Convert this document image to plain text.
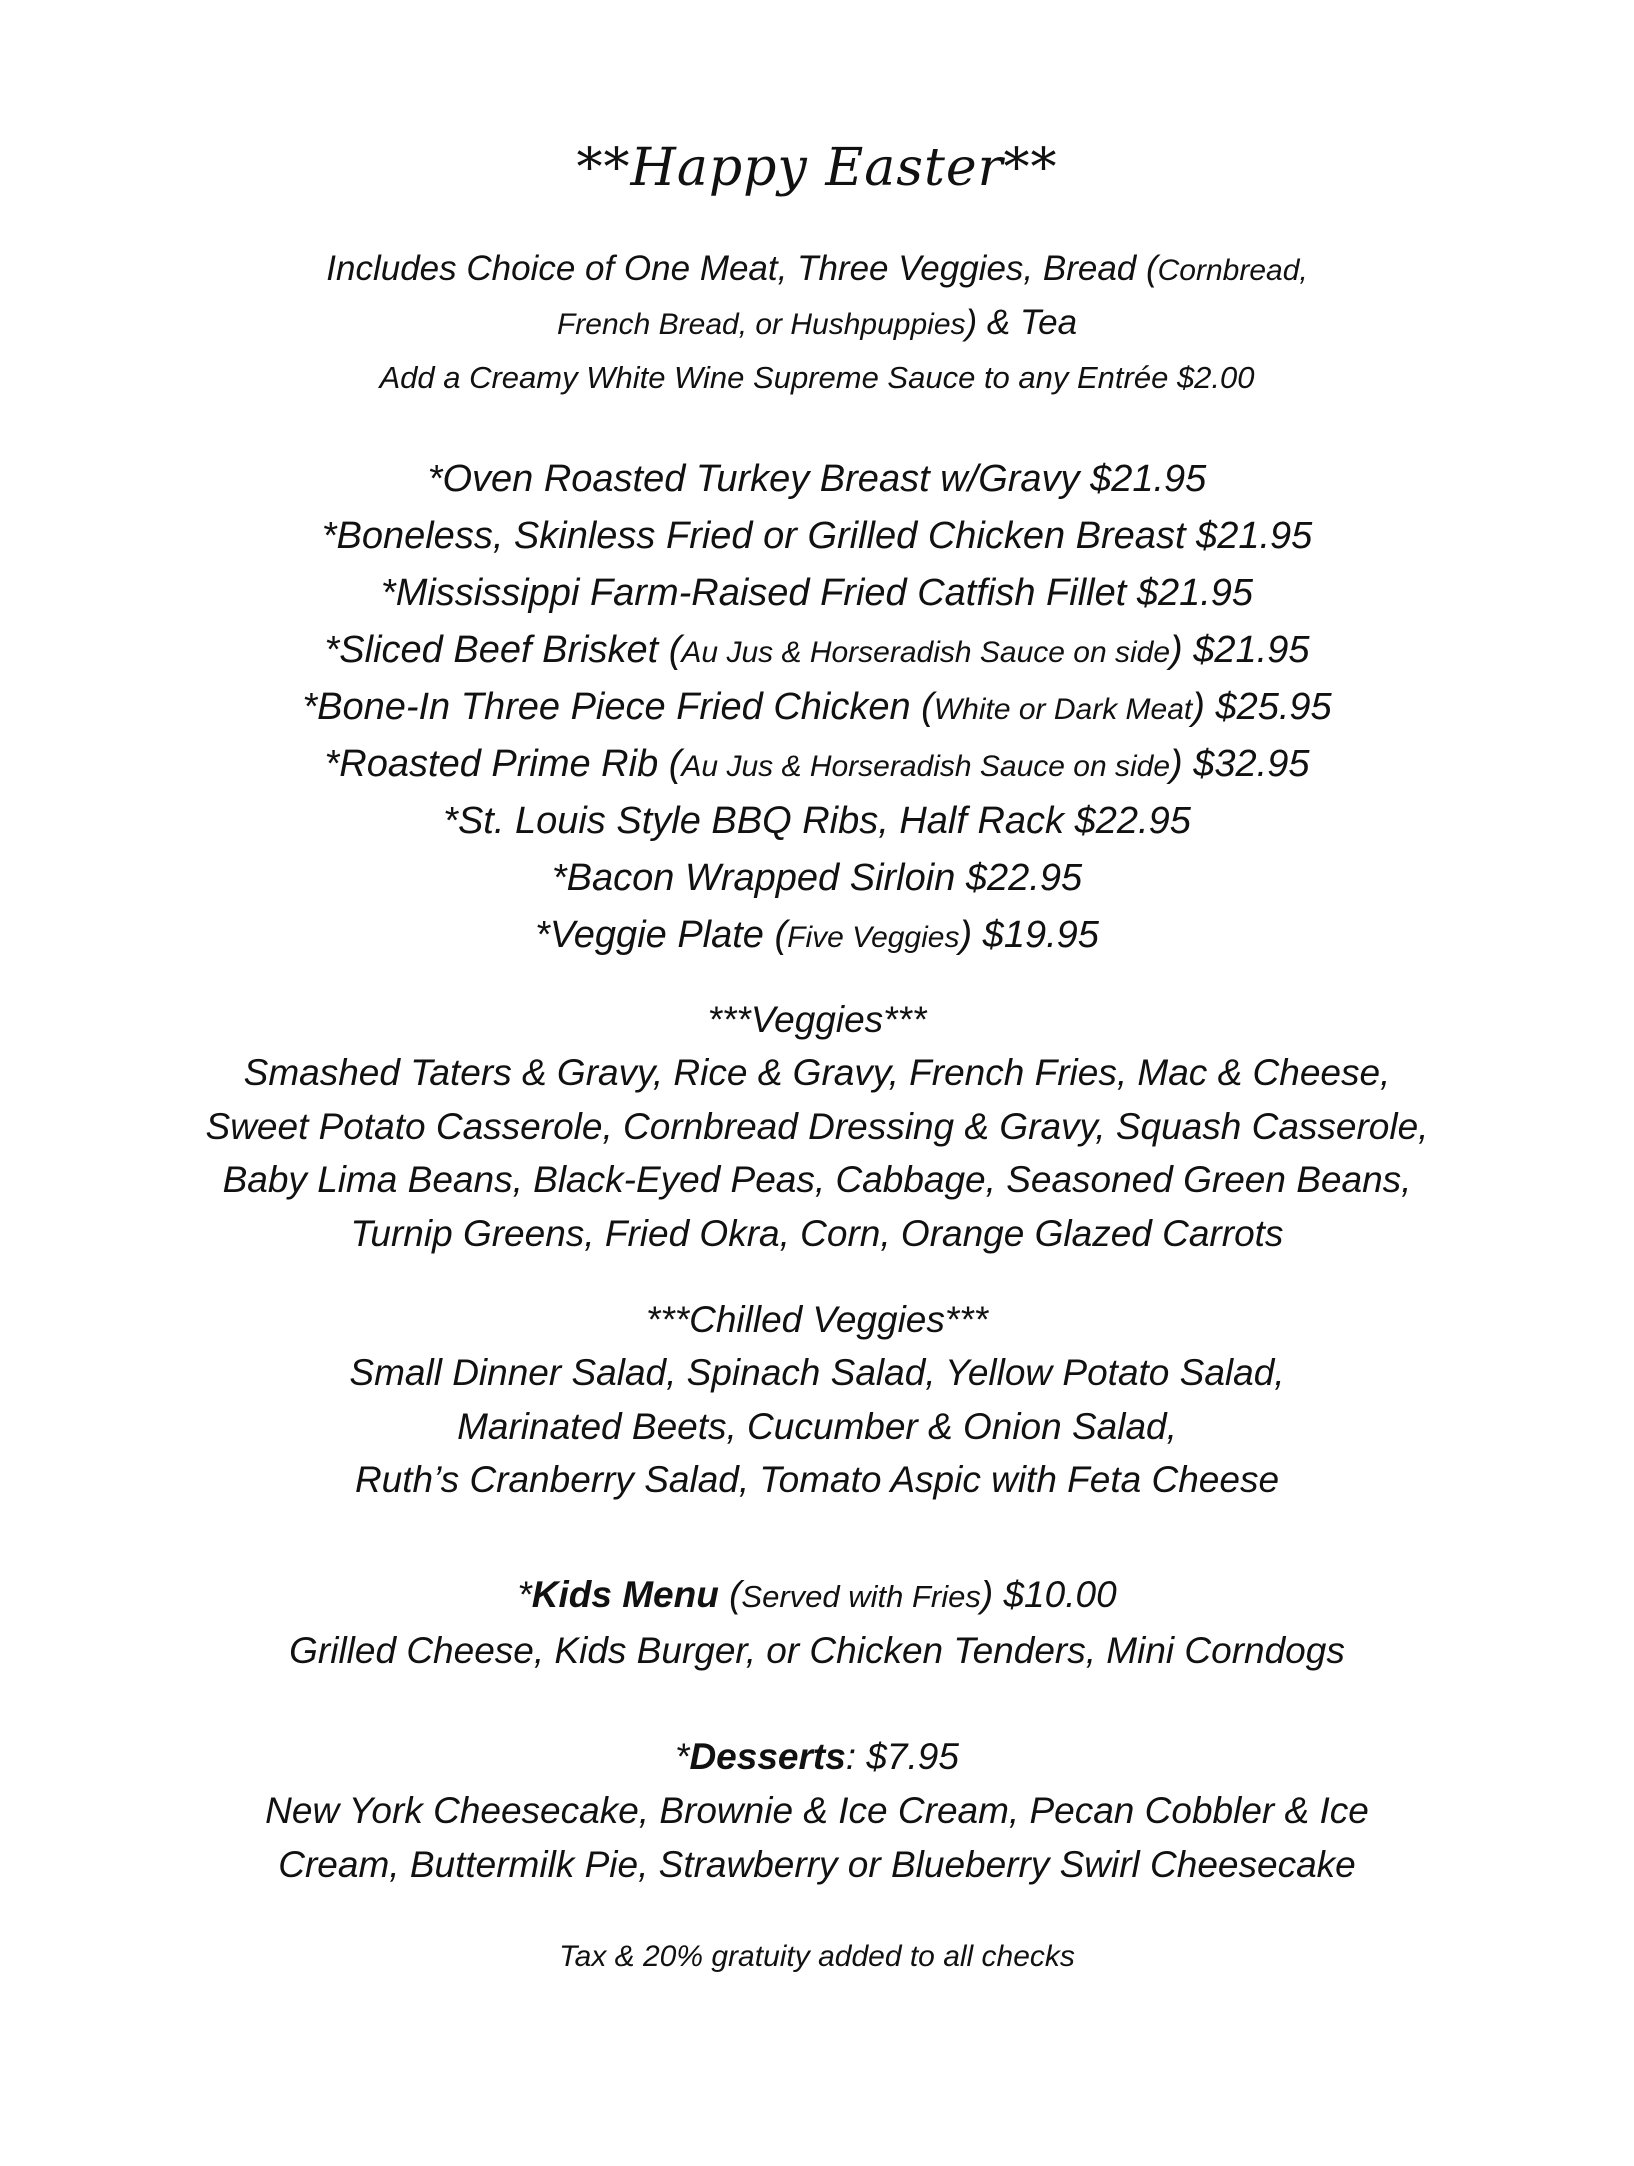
**Happy Easter**
Includes Choice of One Meat, Three Veggies, Bread (Cornbread,
French Bread, or Hushpuppies) & Tea
Add a Creamy White Wine Supreme Sauce to any Entrée $2.00
*Oven Roasted Turkey Breast w/Gravy $21.95
*Boneless, Skinless Fried or Grilled Chicken Breast $21.95
*Mississippi Farm-Raised Fried Catfish Fillet $21.95
*Sliced Beef Brisket (Au Jus & Horseradish Sauce on side) $21.95
*Bone-In Three Piece Fried Chicken (White or Dark Meat) $25.95
*Roasted Prime Rib (Au Jus & Horseradish Sauce on side) $32.95
*St. Louis Style BBQ Ribs, Half Rack $22.95
*Bacon Wrapped Sirloin $22.95
*Veggie Plate (Five Veggies) $19.95
***Veggies***
Smashed Taters & Gravy, Rice & Gravy, French Fries, Mac & Cheese,
Sweet Potato Casserole, Cornbread Dressing & Gravy, Squash Casserole,
Baby Lima Beans, Black-Eyed Peas, Cabbage, Seasoned Green Beans,
Turnip Greens, Fried Okra, Corn, Orange Glazed Carrots
***Chilled Veggies***
Small Dinner Salad, Spinach Salad, Yellow Potato Salad,
Marinated Beets, Cucumber & Onion Salad,
Ruth’s Cranberry Salad, Tomato Aspic with Feta Cheese
*Kids Menu (Served with Fries) $10.00
Grilled Cheese, Kids Burger, or Chicken Tenders, Mini Corndogs
*Desserts: $7.95
New York Cheesecake, Brownie & Ice Cream, Pecan Cobbler & Ice
Cream, Buttermilk Pie, Strawberry or Blueberry Swirl Cheesecake
Tax & 20% gratuity added to all checks
